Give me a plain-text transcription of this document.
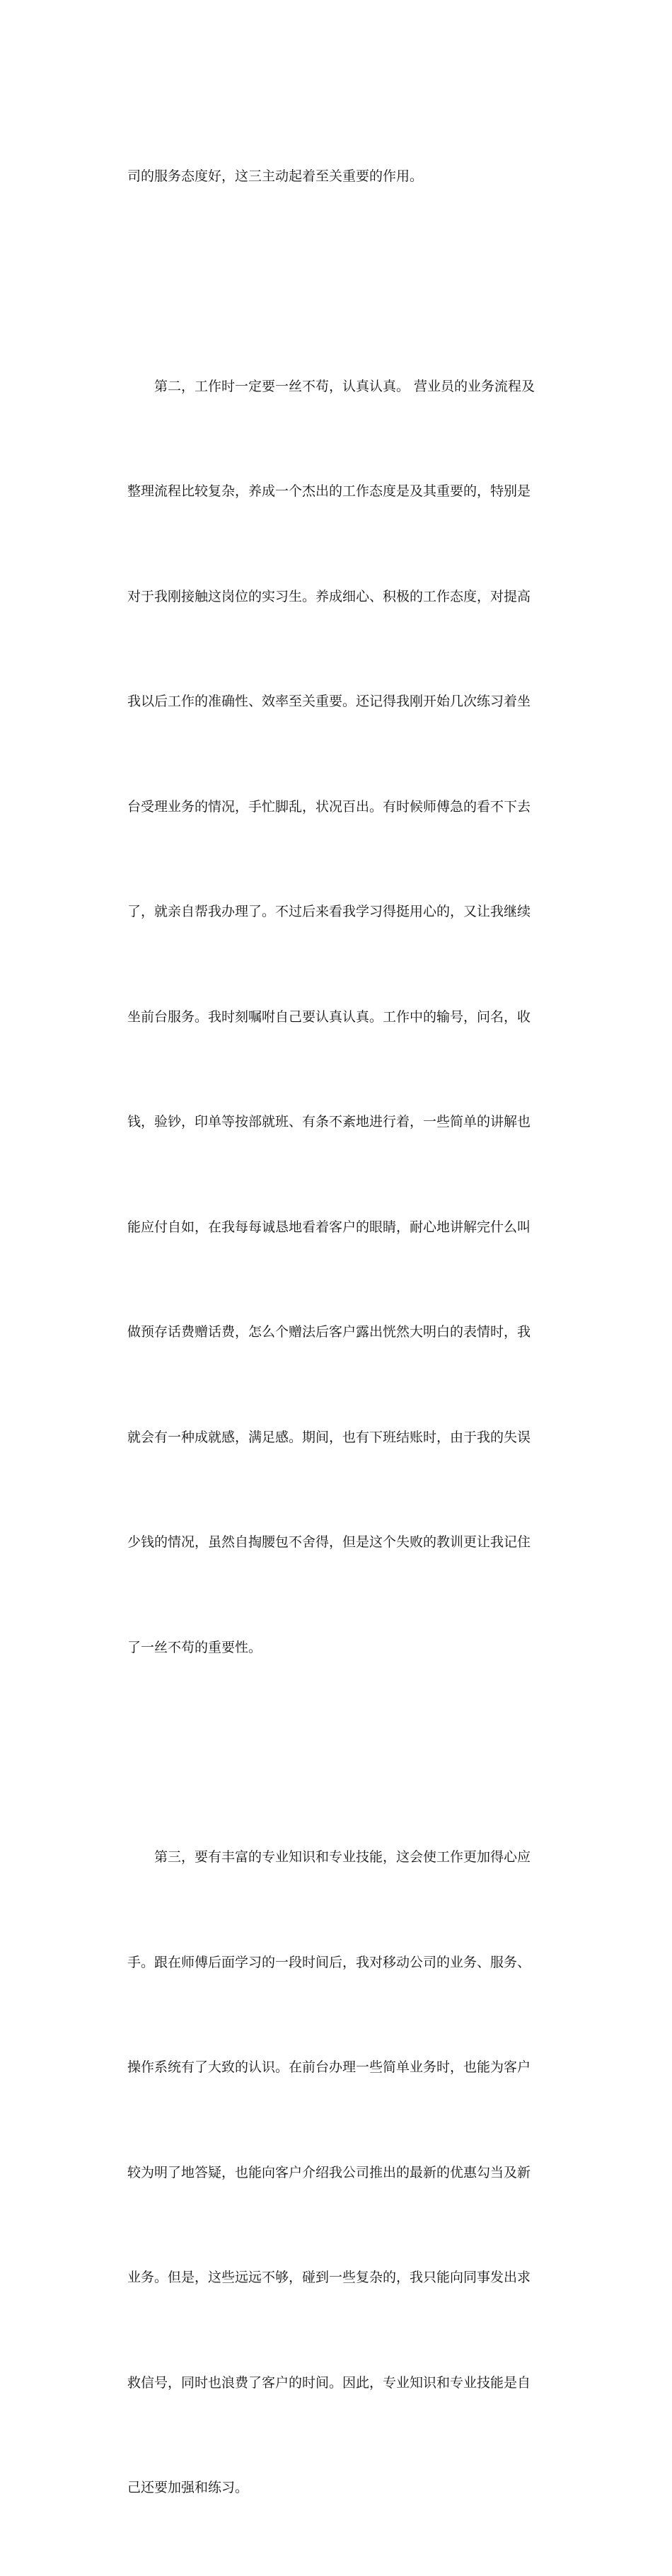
司的服务态度好，这三主动起着至关重要的作用。

　　第二，工作时一定要一丝不苟，认真认真。 营业员的业务流程及

整理流程比较复杂，养成一个杰出的工作态度是及其重要的，特别是

对于我刚接触这岗位的实习生。养成细心、积极的工作态度，对提高

我以后工作的准确性、效率至关重要。还记得我刚开始几次练习着坐

台受理业务的情况，手忙脚乱，状况百出。有时候师傅急的看不下去

了，就亲自帮我办理了。不过后来看我学习得挺用心的，又让我继续

坐前台服务。我时刻嘱咐自己要认真认真。工作中的输号，问名，收

钱，验钞，印单等按部就班、有条不紊地进行着，一些简单的讲解也

能应付自如，在我每每诚恳地看着客户的眼睛，耐心地讲解完什么叫

做预存话费赠话费，怎么个赠法后客户露出恍然大明白的表情时，我

就会有一种成就感，满足感。期间，也有下班结账时，由于我的失误

少钱的情况，虽然自掏腰包不舍得，但是这个失败的教训更让我记住

了一丝不苟的重要性。

　　第三，要有丰富的专业知识和专业技能，这会使工作更加得心应

手。跟在师傅后面学习的一段时间后，我对移动公司的业务、服务、

操作系统有了大致的认识。在前台办理一些简单业务时，也能为客户

较为明了地答疑，也能向客户介绍我公司推出的最新的优惠勾当及新

业务。但是，这些远远不够，碰到一些复杂的，我只能向同事发出求

救信号，同时也浪费了客户的时间。因此，专业知识和专业技能是自

己还要加强和练习。
